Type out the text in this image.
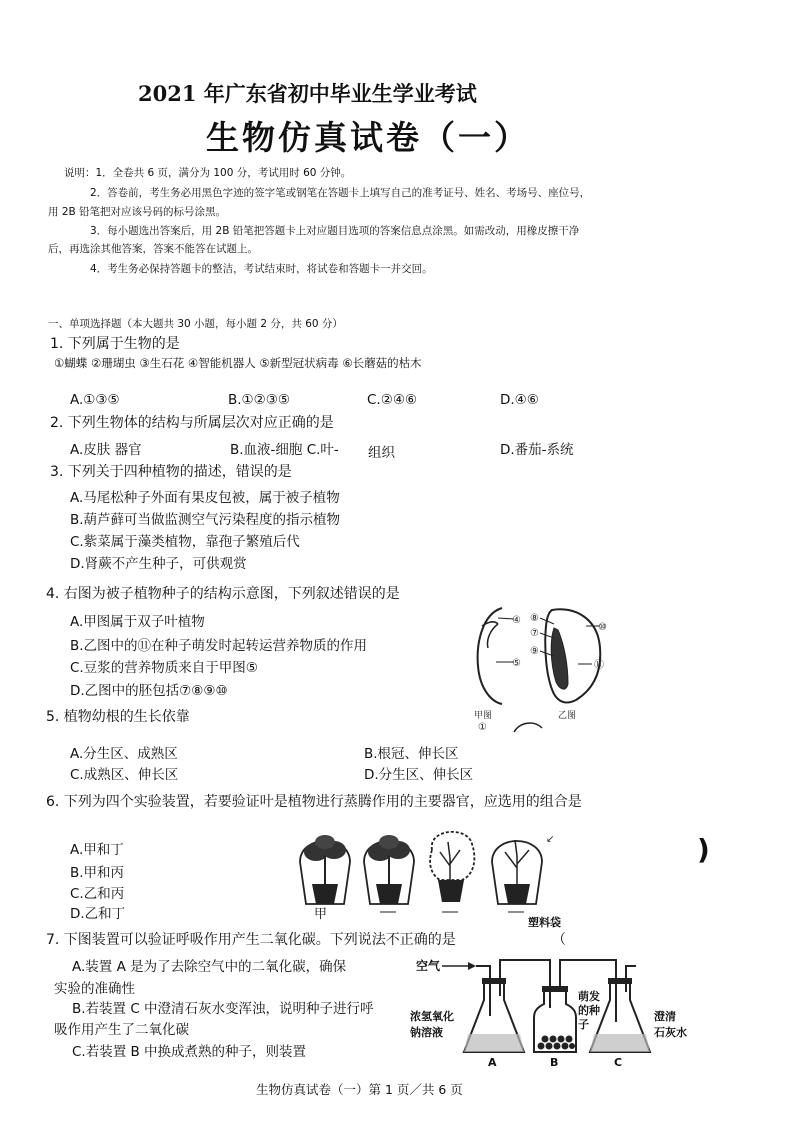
2021 年广东省初中毕业生学业考试
生物仿真试卷（一）
说明：1．全卷共 6 页，满分为 100 分，考试用时 60 分钟。
2．答卷前，考生务必用黑色字迹的签字笔或钢笔在答题卡上填写自己的准考证号、姓名、考场号、座位号，
用 2B 铅笔把对应该号码的标号涂黑。
3．每小题选出答案后，用 2B 铅笔把答题卡上对应题目选项的答案信息点涂黑。如需改动，用橡皮擦干净
后，再选涂其他答案，答案不能答在试题上。
4．考生务必保持答题卡的整洁，考试结束时，将试卷和答题卡一并交回。
一、单项选择题（本大题共 30 小题，每小题 2 分，共 60 分）
1. 下列属于生物的是
①蝴蝶 ②珊瑚虫 ③生石花 ④智能机器人 ⑤新型冠状病毒 ⑥长蘑菇的枯木
A.①③⑤	B.①②③⑤	C.②④⑥	D.④⑥
2. 下列生物体的结构与所属层次对应正确的是
A.皮肤 器官	B.血液-细胞 C.叶- 组织	D.番茄-系统
3. 下列关于四种植物的描述，错误的是
A.马尾松种子外面有果皮包被，属于被子植物
B.葫芦藓可当做监测空气污染程度的指示植物
C.紫菜属于藻类植物，靠孢子繁殖后代
D.肾蕨不产生种子，可供观赏
4. 右图为被子植物种子的结构示意图，下列叙述错误的是
A.甲图属于双子叶植物
B.乙图中的⑪在种子萌发时起转运营养物质的作用
C.豆浆的营养物质来自于甲图⑤
D.乙图中的胚包括⑦⑧⑨⑩
④
⑤
⑧
⑦
⑨
⑩
⑪
甲图	乙图
①
5. 植物幼根的生长依靠
A.分生区、成熟区	B.根冠、伸长区
C.成熟区、伸长区	D.分生区、伸长区
6. 下列为四个实验装置，若要验证叶是植物进行蒸腾作用的主要器官，应选用的组合是
A.甲和丁
B.甲和丙
C.乙和丙
D.乙和丁
↙
甲
塑料袋
)
7. 下图装置可以验证呼吸作用产生二氧化碳。下列说法不正确的是	（
A.装置 A 是为了去除空气中的二氧化碳，确保
实验的准确性
B.若装置 C 中澄清石灰水变浑浊，说明种子进行呼
吸作用产生了二氧化碳
C.若装置 B 中换成煮熟的种子，则装置
空气
浓氢氧化
钠溶液
萌发
的种
子
澄清
石灰水
A	B	C
生物仿真试卷（一）第 1 页／共 6 页
